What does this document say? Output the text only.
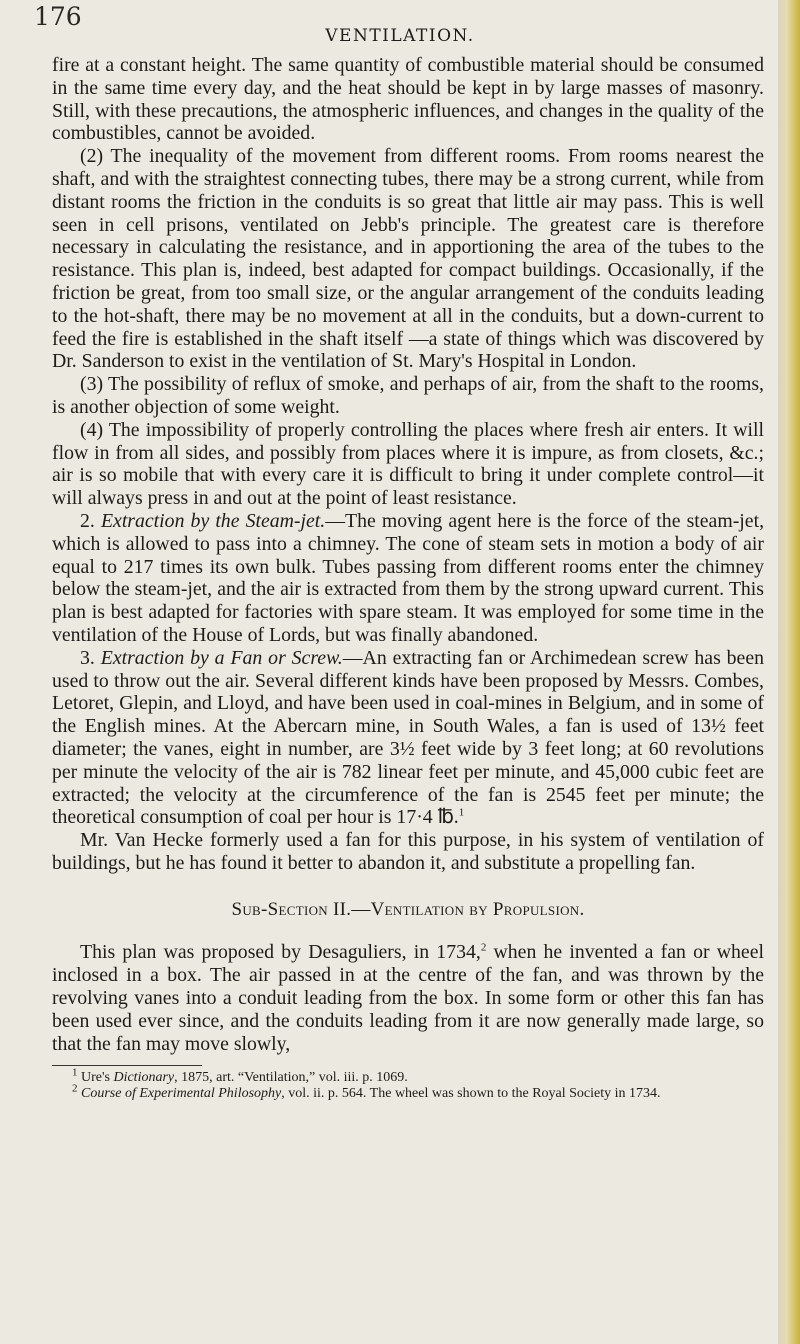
176
VENTILATION.

fire at a constant height. The same quantity of combustible material should be consumed in the same time every day, and the heat should be kept in by large masses of masonry. Still, with these precautions, the atmospheric influences, and changes in the quality of the combustibles, cannot be avoided.

(2) The inequality of the movement from different rooms. From rooms nearest the shaft, and with the straightest connecting tubes, there may be a strong current, while from distant rooms the friction in the conduits is so great that little air may pass. This is well seen in cell prisons, ventilated on Jebb's principle. The greatest care is therefore necessary in calculating the resistance, and in apportioning the area of the tubes to the resistance. This plan is, indeed, best adapted for compact buildings. Occasionally, if the friction be great, from too small size, or the angular arrangement of the conduits leading to the hot-shaft, there may be no movement at all in the conduits, but a down-current to feed the fire is established in the shaft itself —a state of things which was discovered by Dr. Sanderson to exist in the ventilation of St. Mary's Hospital in London.

(3) The possibility of reflux of smoke, and perhaps of air, from the shaft to the rooms, is another objection of some weight.

(4) The impossibility of properly controlling the places where fresh air enters. It will flow in from all sides, and possibly from places where it is impure, as from closets, &c.; air is so mobile that with every care it is difficult to bring it under complete control—it will always press in and out at the point of least resistance.

2. Extraction by the Steam-jet.—The moving agent here is the force of the steam-jet, which is allowed to pass into a chimney. The cone of steam sets in motion a body of air equal to 217 times its own bulk. Tubes passing from different rooms enter the chimney below the steam-jet, and the air is extracted from them by the strong upward current. This plan is best adapted for factories with spare steam. It was employed for some time in the ventilation of the House of Lords, but was finally abandoned.

3. Extraction by a Fan or Screw.—An extracting fan or Archimedean screw has been used to throw out the air. Several different kinds have been proposed by Messrs. Combes, Letoret, Glepin, and Lloyd, and have been used in coal-mines in Belgium, and in some of the English mines. At the Abercarn mine, in South Wales, a fan is used of 13½ feet diameter; the vanes, eight in number, are 3½ feet wide by 3 feet long; at 60 revolutions per minute the velocity of the air is 782 linear feet per minute, and 45,000 cubic feet are extracted; the velocity at the circumference of the fan is 2545 feet per minute; the theoretical consumption of coal per hour is 17·4 ℔.$^1$

Mr. Van Hecke formerly used a fan for this purpose, in his system of ventilation of buildings, but he has found it better to abandon it, and substitute a propelling fan.

Sub-Section II.—Ventilation by Propulsion.

This plan was proposed by Desaguliers, in 1734,$^2$ when he invented a fan or wheel inclosed in a box. The air passed in at the centre of the fan, and was thrown by the revolving vanes into a conduit leading from the box. In some form or other this fan has been used ever since, and the conduits leading from it are now generally made large, so that the fan may move slowly,

$^1$ Ure's Dictionary, 1875, art. “Ventilation,” vol. iii. p. 1069.

$^2$ Course of Experimental Philosophy, vol. ii. p. 564. The wheel was shown to the Royal Society in 1734.
